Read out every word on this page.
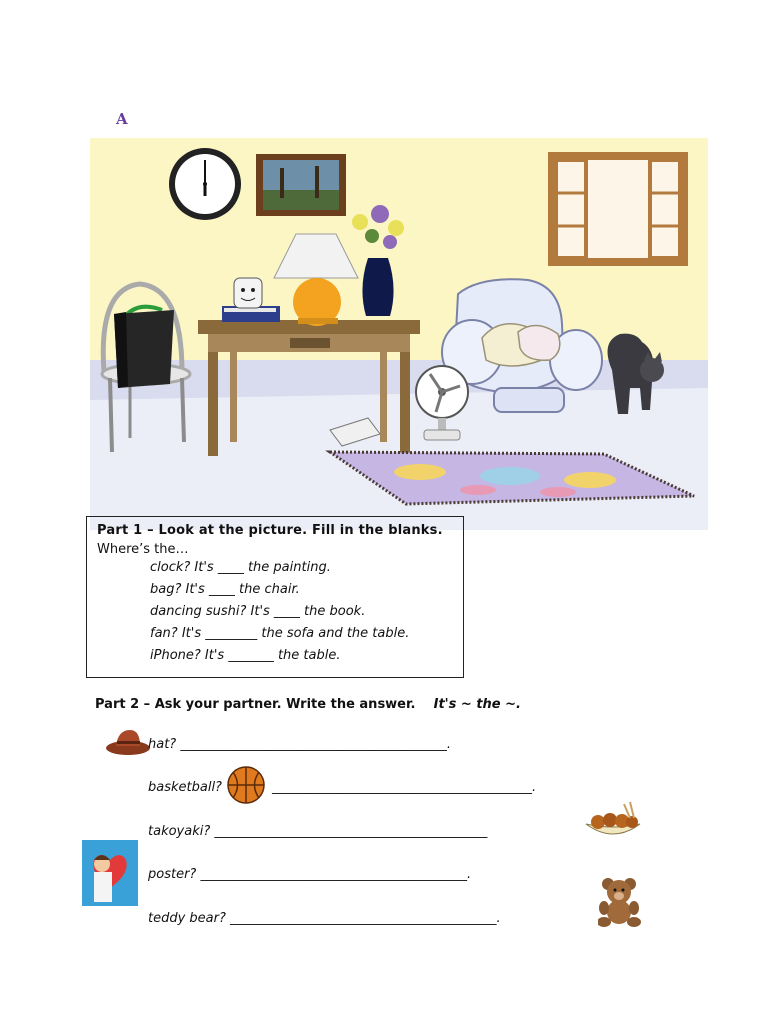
A
Part 1 – Look at the picture. Fill in the blanks.
Where’s the…
clock? It's ____ the painting.
bag? It's ____ the chair.
dancing sushi? It's ____ the book.
fan? It's ________ the sofa and the table.
iPhone? It's _______ the table.
Part 2 – Ask your partner. Write the answer. It's ~ the ~.
hat? _________________________________________.
basketball?	________________________________________.
takoyaki? __________________________________________
poster? _________________________________________.
teddy bear? _________________________________________.
